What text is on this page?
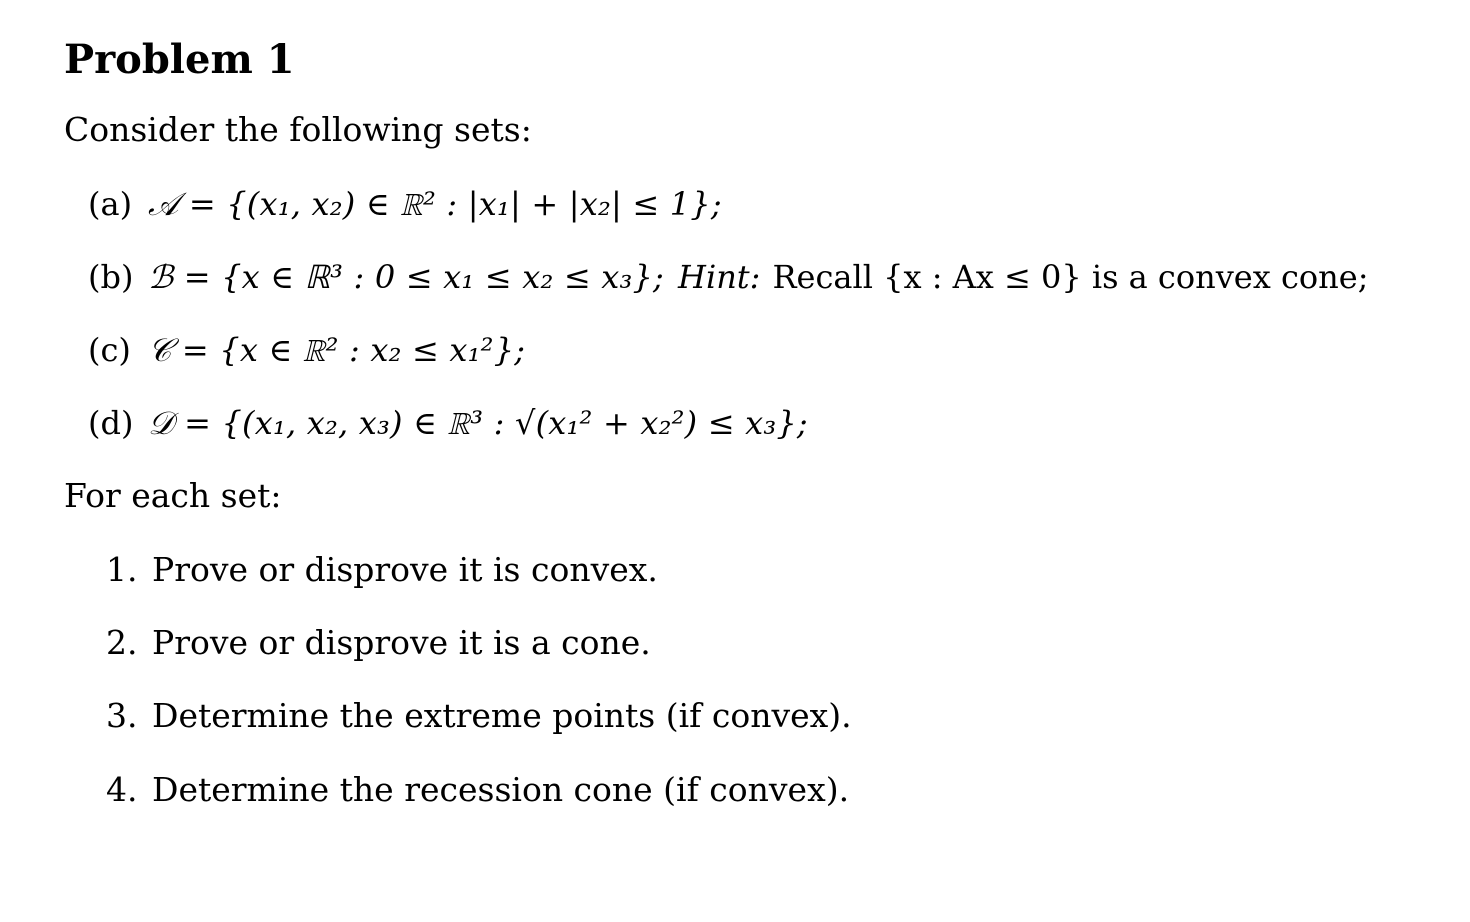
Problem 1
Consider the following sets:
(a) 𝒜 = {(x₁, x₂) ∈ ℝ² : |x₁| + |x₂| ≤ 1};
(b) ℬ = {x ∈ ℝ³ : 0 ≤ x₁ ≤ x₂ ≤ x₃}; Hint: Recall {x : Ax ≤ 0} is a convex cone;
(c) 𝒞 = {x ∈ ℝ² : x₂ ≤ x₁²};
(d) 𝒟 = {(x₁, x₂, x₃) ∈ ℝ³ : √(x₁² + x₂²) ≤ x₃};
For each set:
1. Prove or disprove it is convex.
2. Prove or disprove it is a cone.
3. Determine the extreme points (if convex).
4. Determine the recession cone (if convex).
